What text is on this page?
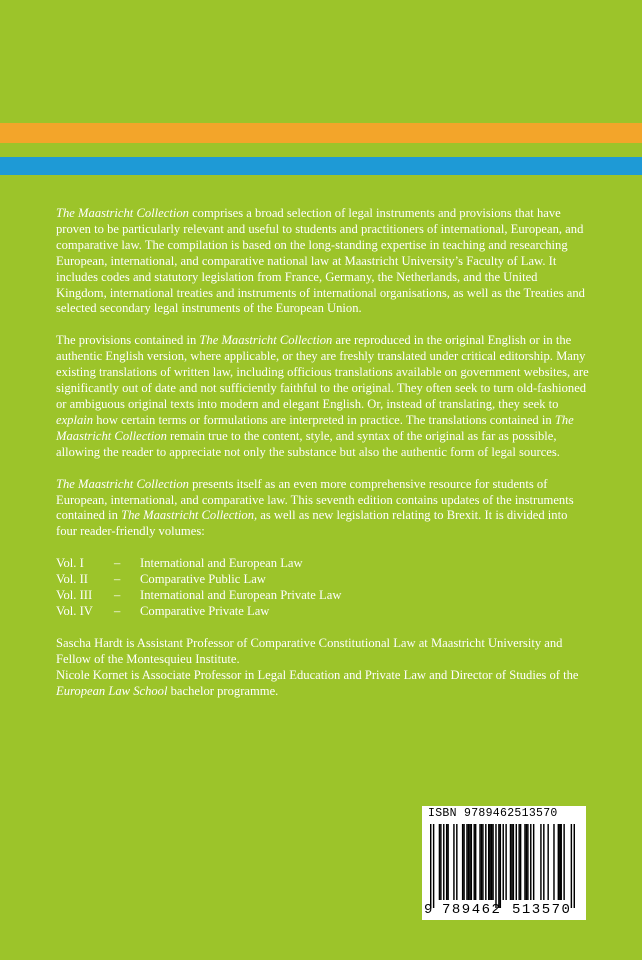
The Maastricht Collection comprises a broad selection of legal instruments and provisions that have proven to be particularly relevant and useful to students and practitioners of international, European, and comparative law. The compilation is based on the long-standing expertise in teaching and researching European, international, and comparative national law at Maastricht University’s Faculty of Law. It includes codes and statutory legislation from France, Germany, the Netherlands, and the United Kingdom, international treaties and instruments of international organisations, as well as the Treaties and selected secondary legal instruments of the European Union.

The provisions contained in The Maastricht Collection are reproduced in the original English or in the authentic English version, where applicable, or they are freshly translated under critical editorship. Many existing translations of written law, including officious translations available on government websites, are significantly out of date and not sufficiently faithful to the original. They often seek to turn old-fashioned or ambiguous original texts into modern and elegant English. Or, instead of translating, they seek to explain how certain terms or formulations are interpreted in practice. The translations contained in The Maastricht Collection remain true to the content, style, and syntax of the original as far as possible, allowing the reader to appreciate not only the substance but also the authentic form of legal sources.

The Maastricht Collection presents itself as an even more comprehensive resource for students of European, international, and comparative law. This seventh edition contains updates of the instruments contained in The Maastricht Collection, as well as new legislation relating to Brexit. It is divided into four reader-friendly volumes:

Vol. I	–	International and European Law
Vol. II	–	Comparative Public Law
Vol. III	–	International and European Private Law
Vol. IV	–	Comparative Private Law
Sascha Hardt is Assistant Professor of Comparative Constitutional Law at Maastricht University and Fellow of the Montesquieu Institute.
Nicole Kornet is Associate Professor in Legal Education and Private Law and Director of Studies of the European Law School bachelor programme.
ISBN 9789462513570
9 789462 513570
